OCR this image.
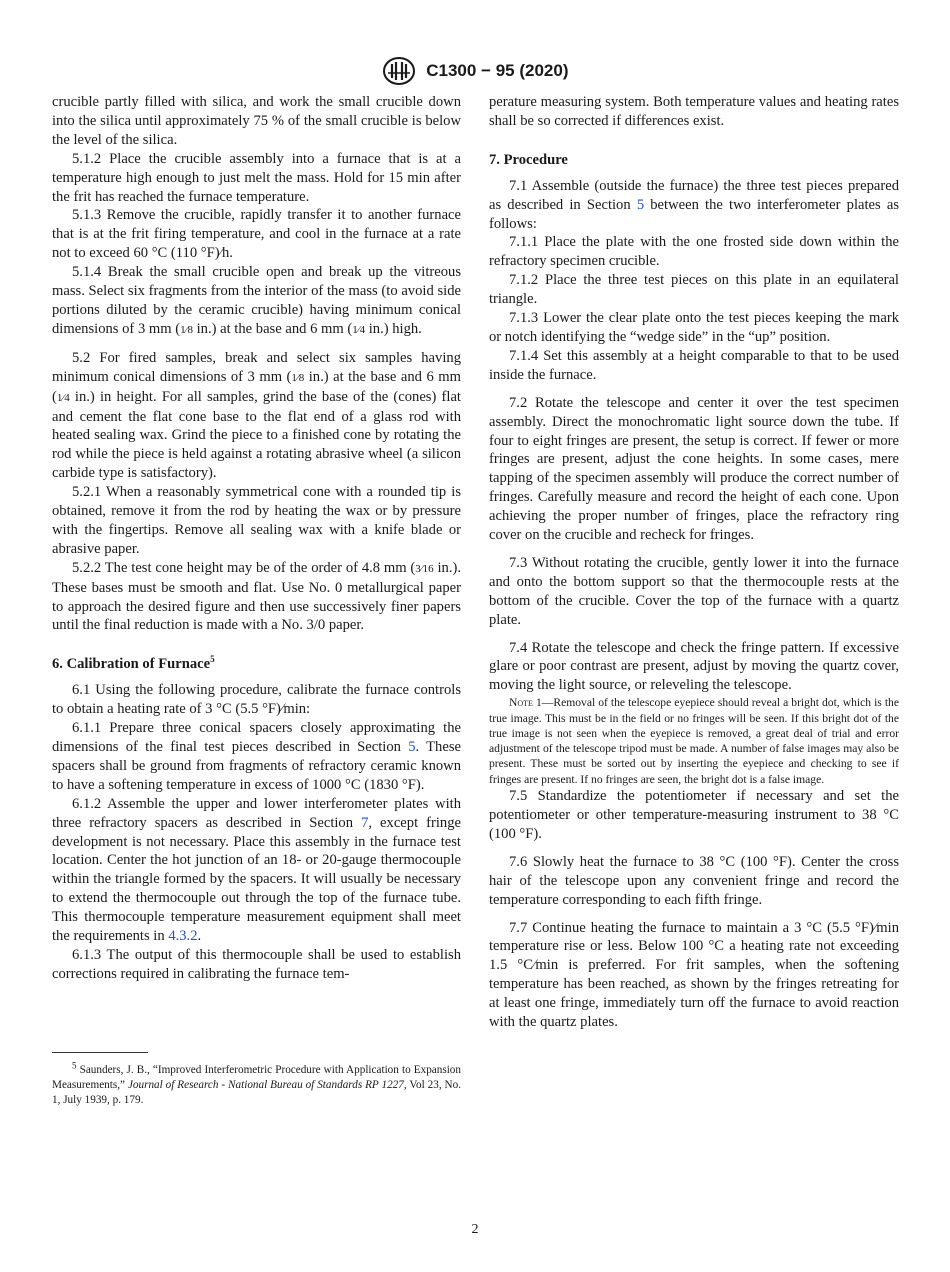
C1300 − 95 (2020)

crucible partly filled with silica, and work the small crucible down into the silica until approximately 75 % of the small crucible is below the level of the silica.

5.1.2 Place the crucible assembly into a furnace that is at a temperature high enough to just melt the mass. Hold for 15 min after the frit has reached the furnace temperature.

5.1.3 Remove the crucible, rapidly transfer it to another furnace that is at the frit firing temperature, and cool in the furnace at a rate not to exceed 60 °C (110 °F)⁄h.

5.1.4 Break the small crucible open and break up the vitreous mass. Select six fragments from the interior of the mass (to avoid side portions diluted by the ceramic crucible) having minimum conical dimensions of 3 mm (1⁄8 in.) at the base and 6 mm (1⁄4 in.) high.

5.2 For fired samples, break and select six samples having minimum conical dimensions of 3 mm (1⁄8 in.) at the base and 6 mm (1⁄4 in.) in height. For all samples, grind the base of the (cones) flat and cement the flat cone base to the flat end of a glass rod with heated sealing wax. Grind the piece to a finished cone by rotating the rod while the piece is held against a rotating abrasive wheel (a silicon carbide type is satisfactory).

5.2.1 When a reasonably symmetrical cone with a rounded tip is obtained, remove it from the rod by heating the wax or by pressure with the fingertips. Remove all sealing wax with a knife blade or abrasive paper.

5.2.2 The test cone height may be of the order of 4.8 mm (3⁄16 in.). These bases must be smooth and flat. Use No. 0 metallurgical paper to approach the desired figure and then use successively finer papers until the final reduction is made with a No. 3/0 paper.

6. Calibration of Furnace$^5$

6.1 Using the following procedure, calibrate the furnace controls to obtain a heating rate of 3 °C (5.5 °F)⁄min:

6.1.1 Prepare three conical spacers closely approximating the dimensions of the final test pieces described in Section 5. These spacers shall be ground from fragments of refractory ceramic known to have a softening temperature in excess of 1000 °C (1830 °F).

6.1.2 Assemble the upper and lower interferometer plates with three refractory spacers as described in Section 7, except fringe development is not necessary. Place this assembly in the furnace test location. Center the hot junction of an 18- or 20-gauge thermocouple within the triangle formed by the spacers. It will usually be necessary to extend the thermocouple out through the top of the furnace tube. This thermocouple temperature measurement equipment shall meet the requirements in 4.3.2.

6.1.3 The output of this thermocouple shall be used to establish corrections required in calibrating the furnace tem-

$^5$ Saunders, J. B., “Improved Interferometric Procedure with Application to Expansion Measurements,” Journal of Research - National Bureau of Standards RP 1227, Vol 23, No. 1, July 1939, p. 179.

perature measuring system. Both temperature values and heating rates shall be so corrected if differences exist.

7. Procedure

7.1 Assemble (outside the furnace) the three test pieces prepared as described in Section 5 between the two interferometer plates as follows:

7.1.1 Place the plate with the one frosted side down within the refractory specimen crucible.

7.1.2 Place the three test pieces on this plate in an equilateral triangle.

7.1.3 Lower the clear plate onto the test pieces keeping the mark or notch identifying the “wedge side” in the “up” position.

7.1.4 Set this assembly at a height comparable to that to be used inside the furnace.

7.2 Rotate the telescope and center it over the test specimen assembly. Direct the monochromatic light source down the tube. If four to eight fringes are present, the setup is correct. If fewer or more fringes are present, adjust the cone heights. In some cases, mere tapping of the specimen assembly will produce the correct number of fringes. Carefully measure and record the height of each cone. Upon achieving the proper number of fringes, place the refractory ring cover on the crucible and recheck for fringes.

7.3 Without rotating the crucible, gently lower it into the furnace and onto the bottom support so that the thermocouple rests at the bottom of the crucible. Cover the top of the furnace with a quartz plate.

7.4 Rotate the telescope and check the fringe pattern. If excessive glare or poor contrast are present, adjust by moving the quartz cover, moving the light source, or releveling the telescope.

Note 1—Removal of the telescope eyepiece should reveal a bright dot, which is the true image. This must be in the field or no fringes will be seen. If this bright dot of the true image is not seen when the eyepiece is removed, a great deal of trial and error adjustment of the telescope tripod must be made. A number of false images may also be present. These must be sorted out by inserting the eyepiece and checking to see if fringes are present. If no fringes are seen, the bright dot is a false image.

7.5 Standardize the potentiometer if necessary and set the potentiometer or other temperature-measuring instrument to 38 °C (100 °F).

7.6 Slowly heat the furnace to 38 °C (100 °F). Center the cross hair of the telescope upon any convenient fringe and record the temperature corresponding to each fifth fringe.

7.7 Continue heating the furnace to maintain a 3 °C (5.5 °F)⁄min temperature rise or less. Below 100 °C a heating rate not exceeding 1.5 °C⁄min is preferred. For frit samples, when the softening temperature has been reached, as shown by the fringes retreating for at least one fringe, immediately turn off the furnace to avoid reaction with the quartz plates.

2
